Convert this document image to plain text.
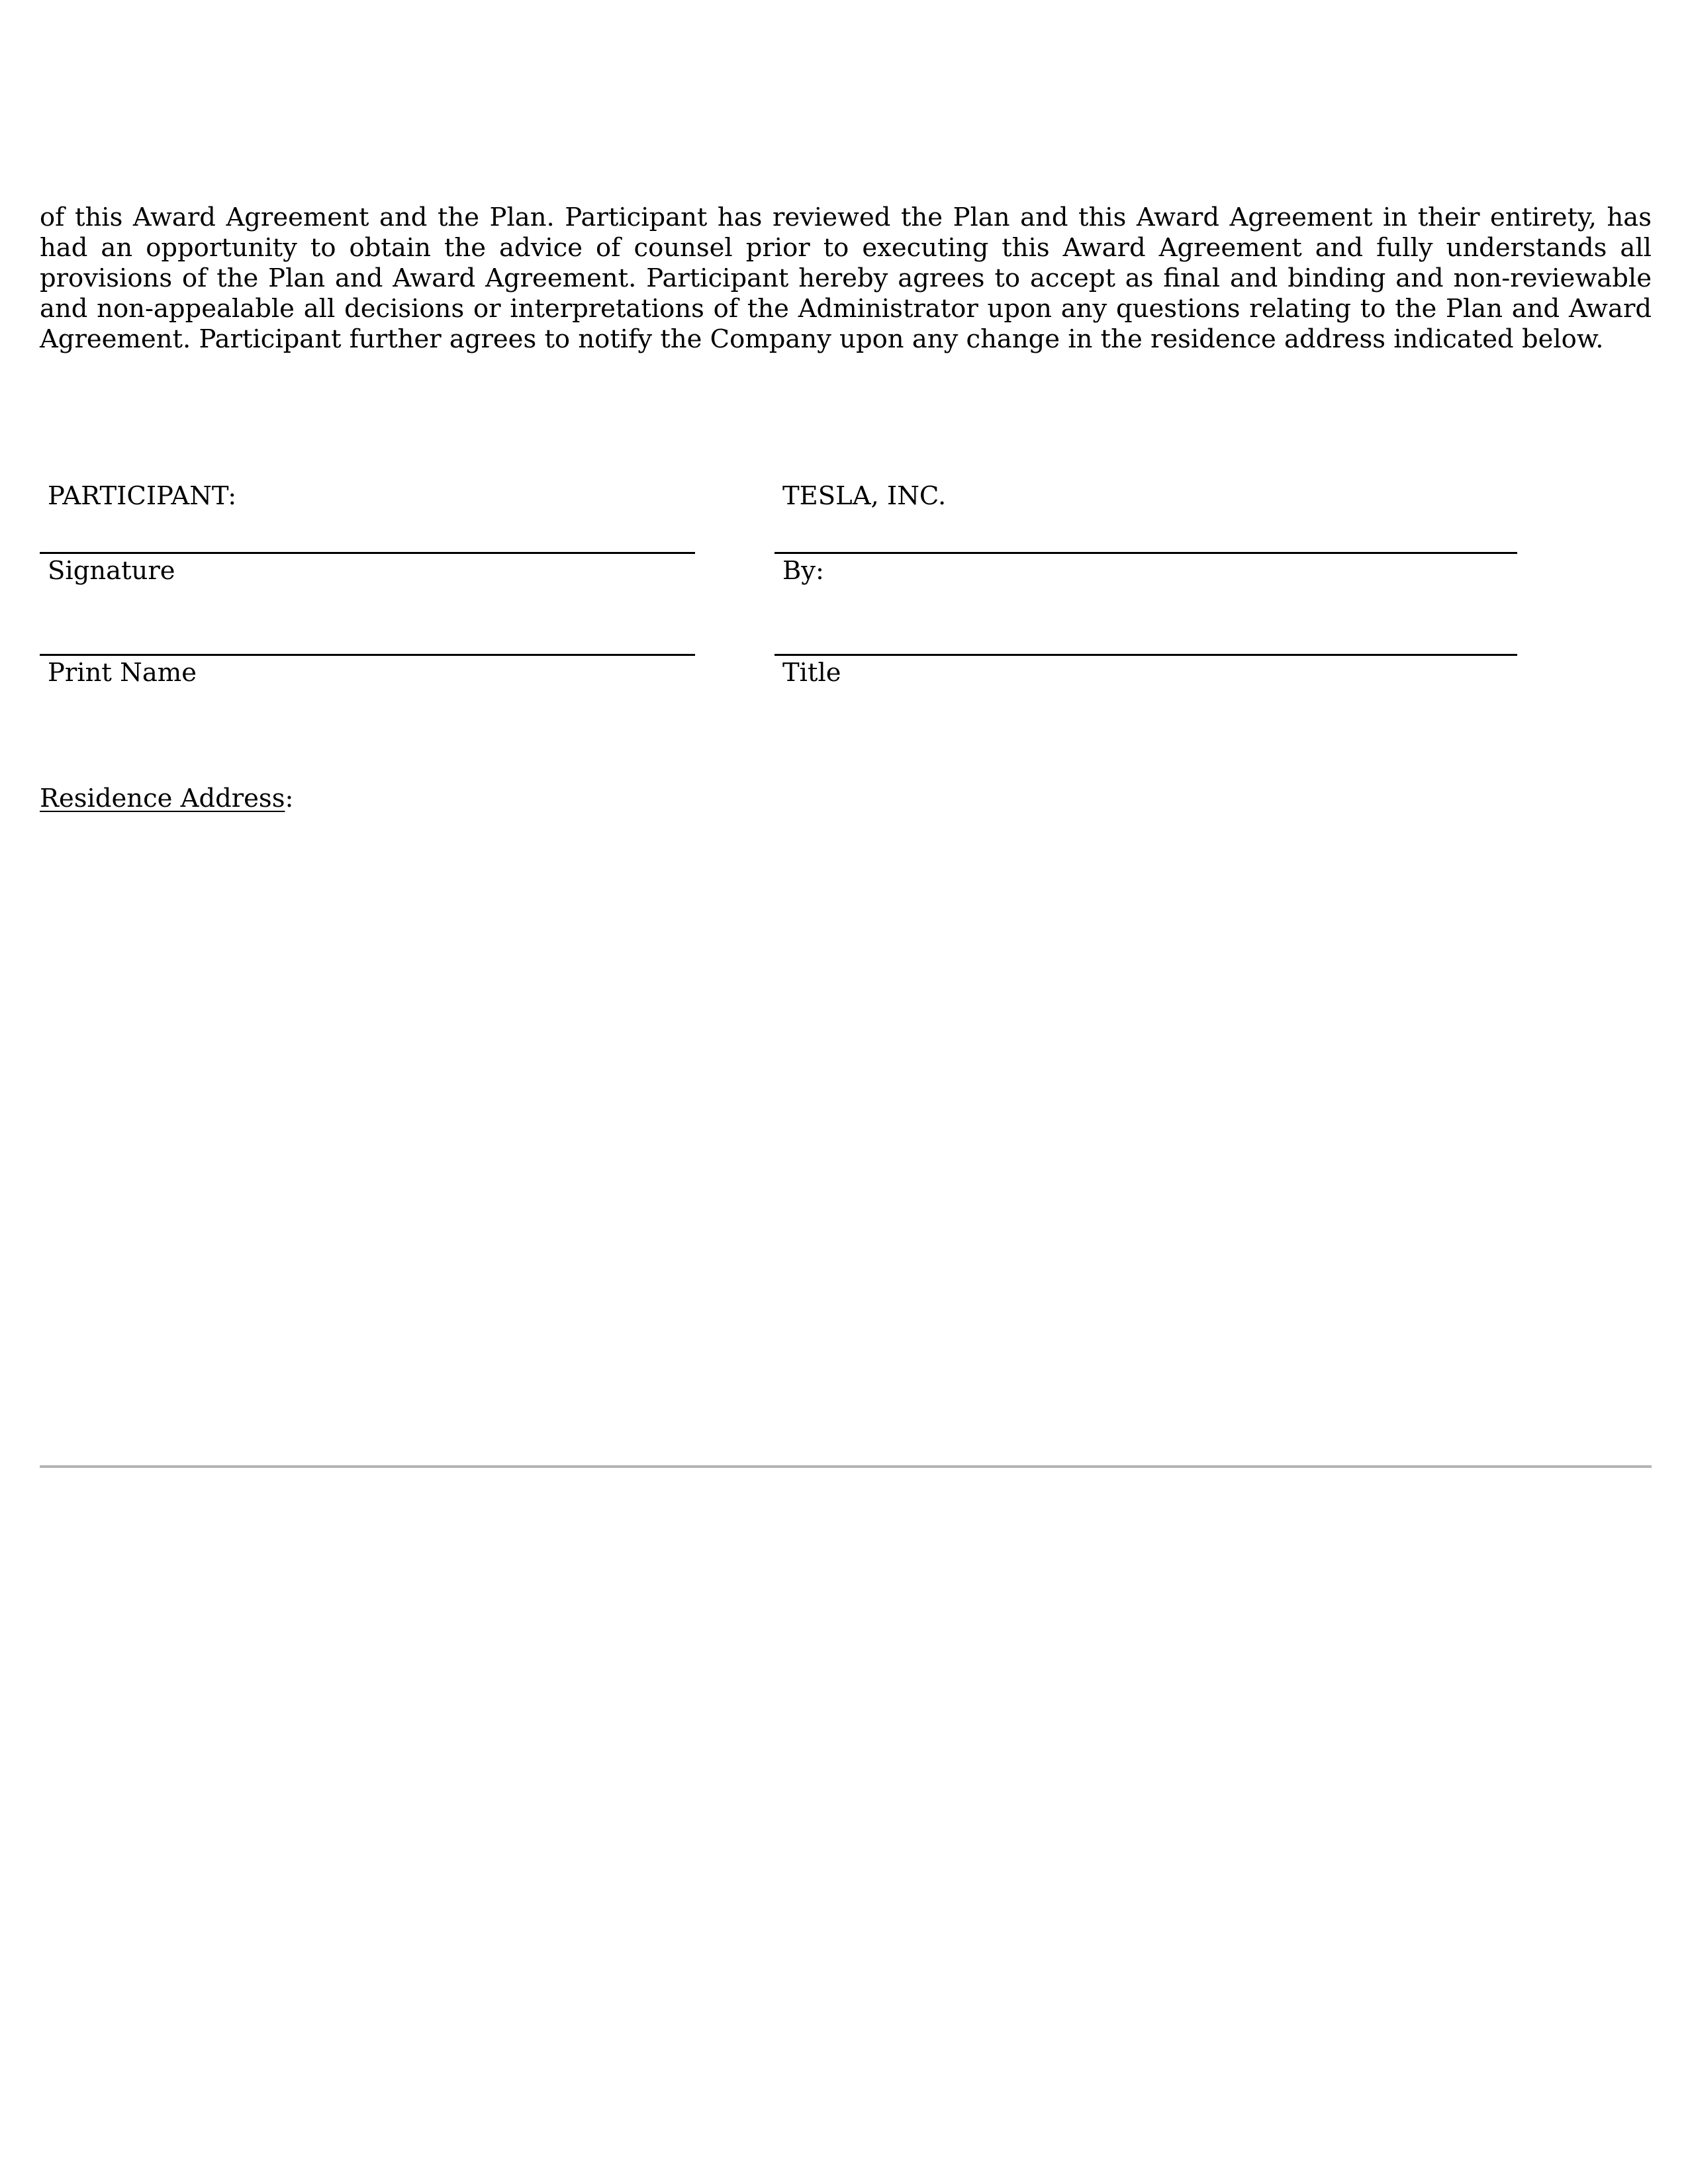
of this Award Agreement and the Plan. Participant has reviewed the Plan and this Award Agreement in their entirety, has had an opportunity to obtain the advice of counsel prior to executing this Award Agreement and fully understands all provisions of the Plan and Award Agreement. Participant hereby agrees to accept as final and binding and non-reviewable and non-appealable all decisions or interpretations of the Administrator upon any questions relating to the Plan and Award Agreement. Participant further agrees to notify the Company upon any change in the residence address indicated below.

PARTICIPANT:
Signature
Print Name
TESLA, INC.
By:
Title
Residence Address:
